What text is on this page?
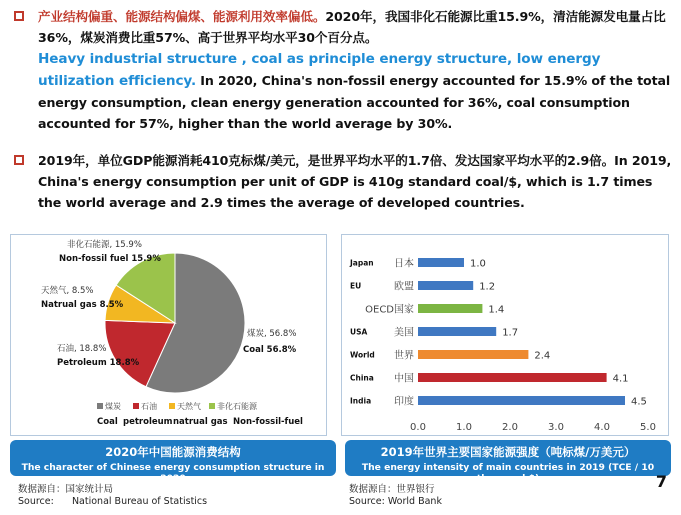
产业结构偏重、能源结构偏煤、能源利用效率偏低。2020年，我国非化石能源比重15.9%，清洁能源发电量占比36%，煤炭消费比重57%、高于世界平均水平30个百分点。
Heavy industrial structure , coal as principle energy structure, low energy utilization efficiency. In 2020, China's non-fossil energy accounted for 15.9% of the total energy consumption, clean energy generation accounted for 36%, coal consumption accounted for 57%, higher than the world average by 30%.
2019年，单位GDP能源消耗410克标煤/美元，是世界平均水平的1.7倍、发达国家平均水平的2.9倍。In 2019, China's energy consumption per unit of GDP is 410g standard coal/$, which is 1.7 times the world average and 2.9 times the average of developed countries.
煤炭, 56.8%
Coal 56.8%
石油, 18.8%
Petroleum 18.8%
天然气, 8.5%
Natrual gas 8.5%
非化石能源, 15.9%
Non-fossil fuel 15.9%
煤炭	石油	天然气 非化石能源
Coal petroleum natrual gas Non-fossil-fuel
Japan 日本	1.0
EU	欧盟	1.2
OECD国家	1.4
USA	美国	1.7
World 世界	2.4
China 中国	4.1
India 印度	4.5
0.0	1.0	2.0	3.0	4.0	5.0
2020年中国能源消费结构
The character of Chinese energy consumption structure in 2020
2019年世界主要国家能源强度（吨标煤/万美元）
The energy intensity of main countries in 2019 (TCE / 10 thousand $)
数据源自：国家统计局
Source:      National Bureau of Statistics
数据源自：世界银行
Source: World Bank
7
